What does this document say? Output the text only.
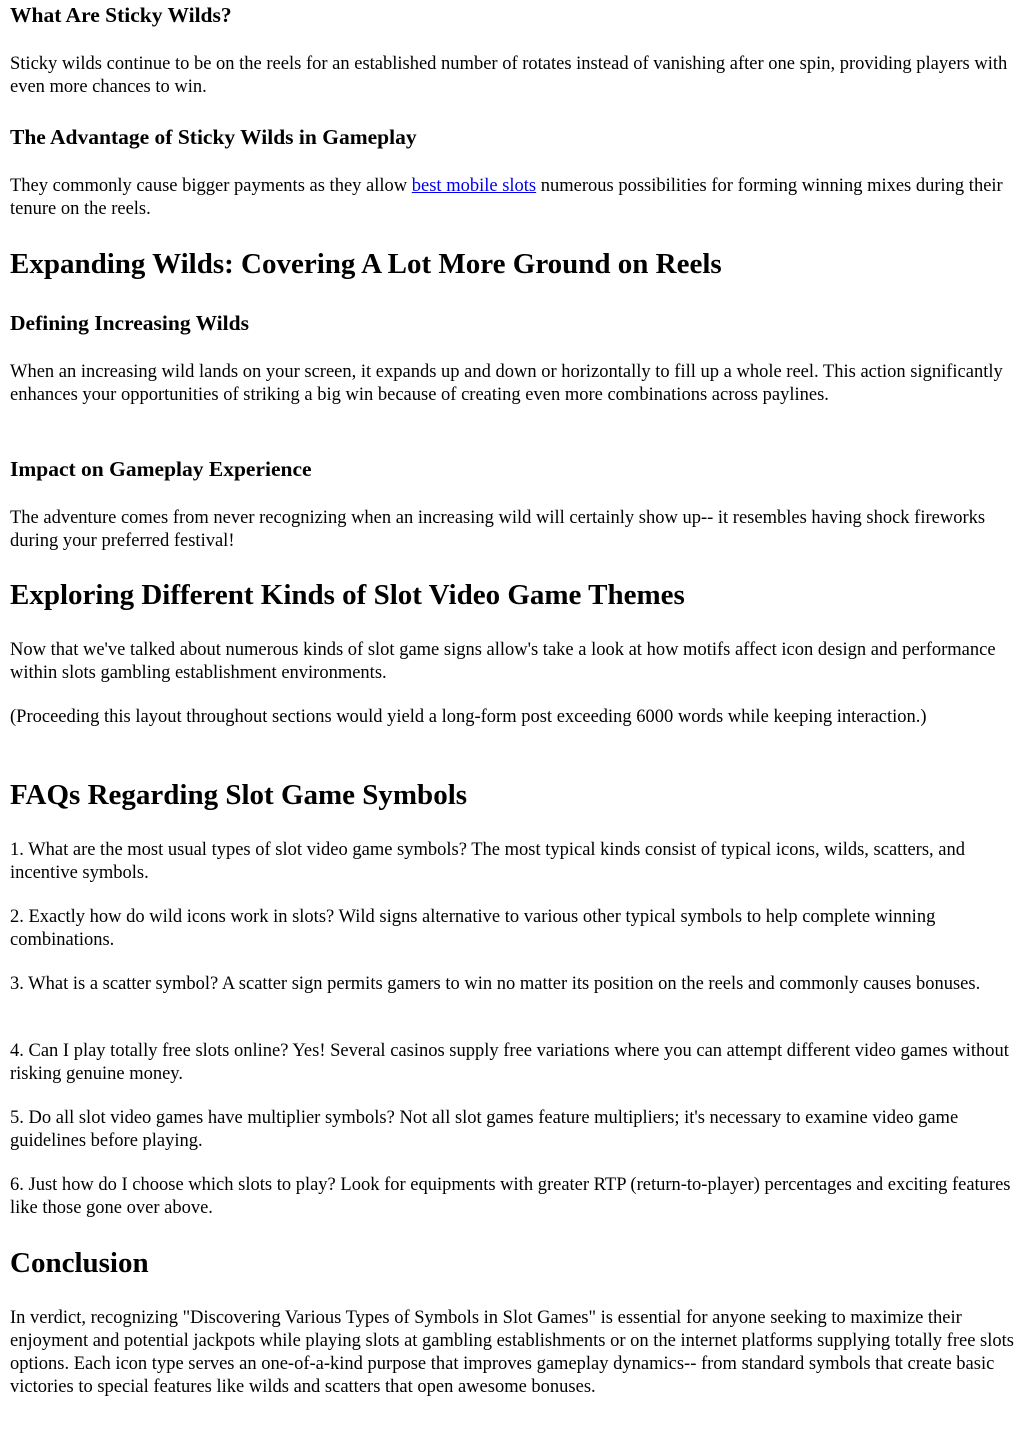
What Are Sticky Wilds?

Sticky wilds continue to be on the reels for an established number of rotates instead of vanishing after one spin, providing players with even more chances to win.

The Advantage of Sticky Wilds in Gameplay

They commonly cause bigger payments as they allow best mobile slots numerous possibilities for forming winning mixes during their tenure on the reels.

Expanding Wilds: Covering A Lot More Ground on Reels
Defining Increasing Wilds

When an increasing wild lands on your screen, it expands up and down or horizontally to fill up a whole reel. This action significantly enhances your opportunities of striking a big win because of creating even more combinations across paylines.

Impact on Gameplay Experience

The adventure comes from never recognizing when an increasing wild will certainly show up-- it resembles having shock fireworks during your preferred festival!

Exploring Different Kinds of Slot Video Game Themes

Now that we've talked about numerous kinds of slot game signs allow's take a look at how motifs affect icon design and performance within slots gambling establishment environments.

(Proceeding this layout throughout sections would yield a long-form post exceeding 6000 words while keeping interaction.)

FAQs Regarding Slot Game Symbols

1. What are the most usual types of slot video game symbols? The most typical kinds consist of typical icons, wilds, scatters, and incentive symbols.

2. Exactly how do wild icons work in slots? Wild signs alternative to various other typical symbols to help complete winning combinations.

3. What is a scatter symbol? A scatter sign permits gamers to win no matter its position on the reels and commonly causes bonuses.

4. Can I play totally free slots online? Yes! Several casinos supply free variations where you can attempt different video games without risking genuine money.

5. Do all slot video games have multiplier symbols? Not all slot games feature multipliers; it's necessary to examine video game guidelines before playing.

6. Just how do I choose which slots to play? Look for equipments with greater RTP (return-to-player) percentages and exciting features like those gone over above.

Conclusion

In verdict, recognizing "Discovering Various Types of Symbols in Slot Games" is essential for anyone seeking to maximize their enjoyment and potential jackpots while playing slots at gambling establishments or on the internet platforms supplying totally free slots options. Each icon type serves an one-of-a-kind purpose that improves gameplay dynamics-- from standard symbols that create basic victories to special features like wilds and scatters that open awesome bonuses.
